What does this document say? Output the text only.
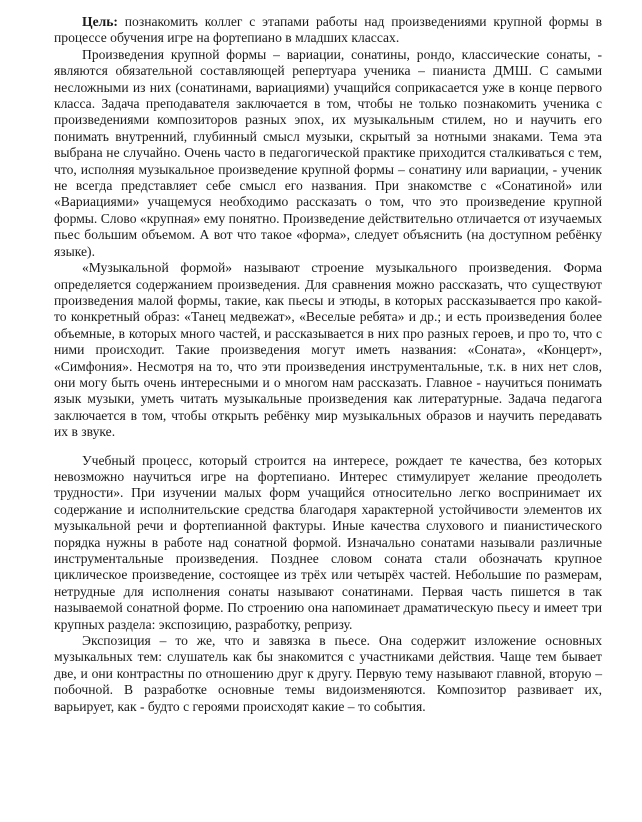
Цель: познакомить коллег с этапами работы над произведениями крупной формы в процессе обучения игре на фортепиано в младших классах.

Произведения крупной формы – вариации, сонатины, рондо, классические сонаты, - являются обязательной составляющей репертуара ученика – пианиста ДМШ. С самыми несложными из них (сонатинами, вариациями) учащийся соприкасается уже в конце первого класса. Задача преподавателя заключается в том, чтобы не только познакомить ученика с произведениями композиторов разных эпох, их музыкальным стилем, но и научить его понимать внутренний, глубинный смысл музыки, скрытый за нотными знаками. Тема эта выбрана не случайно. Очень часто в педагогической практике приходится сталкиваться с тем, что, исполняя музыкальное произведение крупной формы – сонатину или вариации, - ученик не всегда представляет себе смысл его названия. При знакомстве с «Сонатиной» или «Вариациями» учащемуся необходимо рассказать о том, что это произведение крупной формы. Слово «крупная» ему понятно. Произведение действительно отличается от изучаемых пьес большим объемом. А вот что такое «форма», следует объяснить (на доступном ребёнку языке).

«Музыкальной формой» называют строение музыкального произведения. Форма определяется содержанием произведения. Для сравнения можно рассказать, что существуют произведения малой формы, такие, как пьесы и этюды, в которых рассказывается про какой- то конкретный образ: «Танец медвежат», «Веселые ребята» и др.; и есть произведения более объемные, в которых много частей, и рассказывается в них про разных героев, и про то, что с ними происходит. Такие произведения могут иметь названия: «Соната», «Концерт», «Симфония». Несмотря на то, что эти произведения инструментальные, т.к. в них нет слов, они могу быть очень интересными и о многом нам рассказать. Главное - научиться понимать язык музыки, уметь читать музыкальные произведения как литературные. Задача педагога заключается в том, чтобы открыть ребёнку мир музыкальных образов и научить передавать их в звуке.

Учебный процесс, который строится на интересе, рождает те качества, без которых невозможно научиться игре на фортепиано. Интерес стимулирует желание преодолеть трудности». При изучении малых форм учащийся относительно легко воспринимает их содержание и исполнительские средства благодаря характерной устойчивости элементов их музыкальной речи и фортепианной фактуры. Иные качества слухового и пианистического порядка нужны в работе над сонатной формой. Изначально сонатами называли различные инструментальные произведения. Позднее словом соната стали обозначать крупное циклическое произведение, состоящее из трёх или четырёх частей. Небольшие по размерам, нетрудные для исполнения сонаты называют сонатинами. Первая часть пишется в так называемой сонатной форме. По строению она напоминает драматическую пьесу и имеет три крупных раздела: экспозицию, разработку, репризу.

Экспозиция – то же, что и завязка в пьесе. Она содержит изложение основных музыкальных тем: слушатель как бы знакомится с участниками действия. Чаще тем бывает две, и они контрастны по отношению друг к другу. Первую тему называют главной, вторую – побочной. В разработке основные темы видоизменяются. Композитор развивает их, варьирует, как - будто с героями происходят какие – то события.
